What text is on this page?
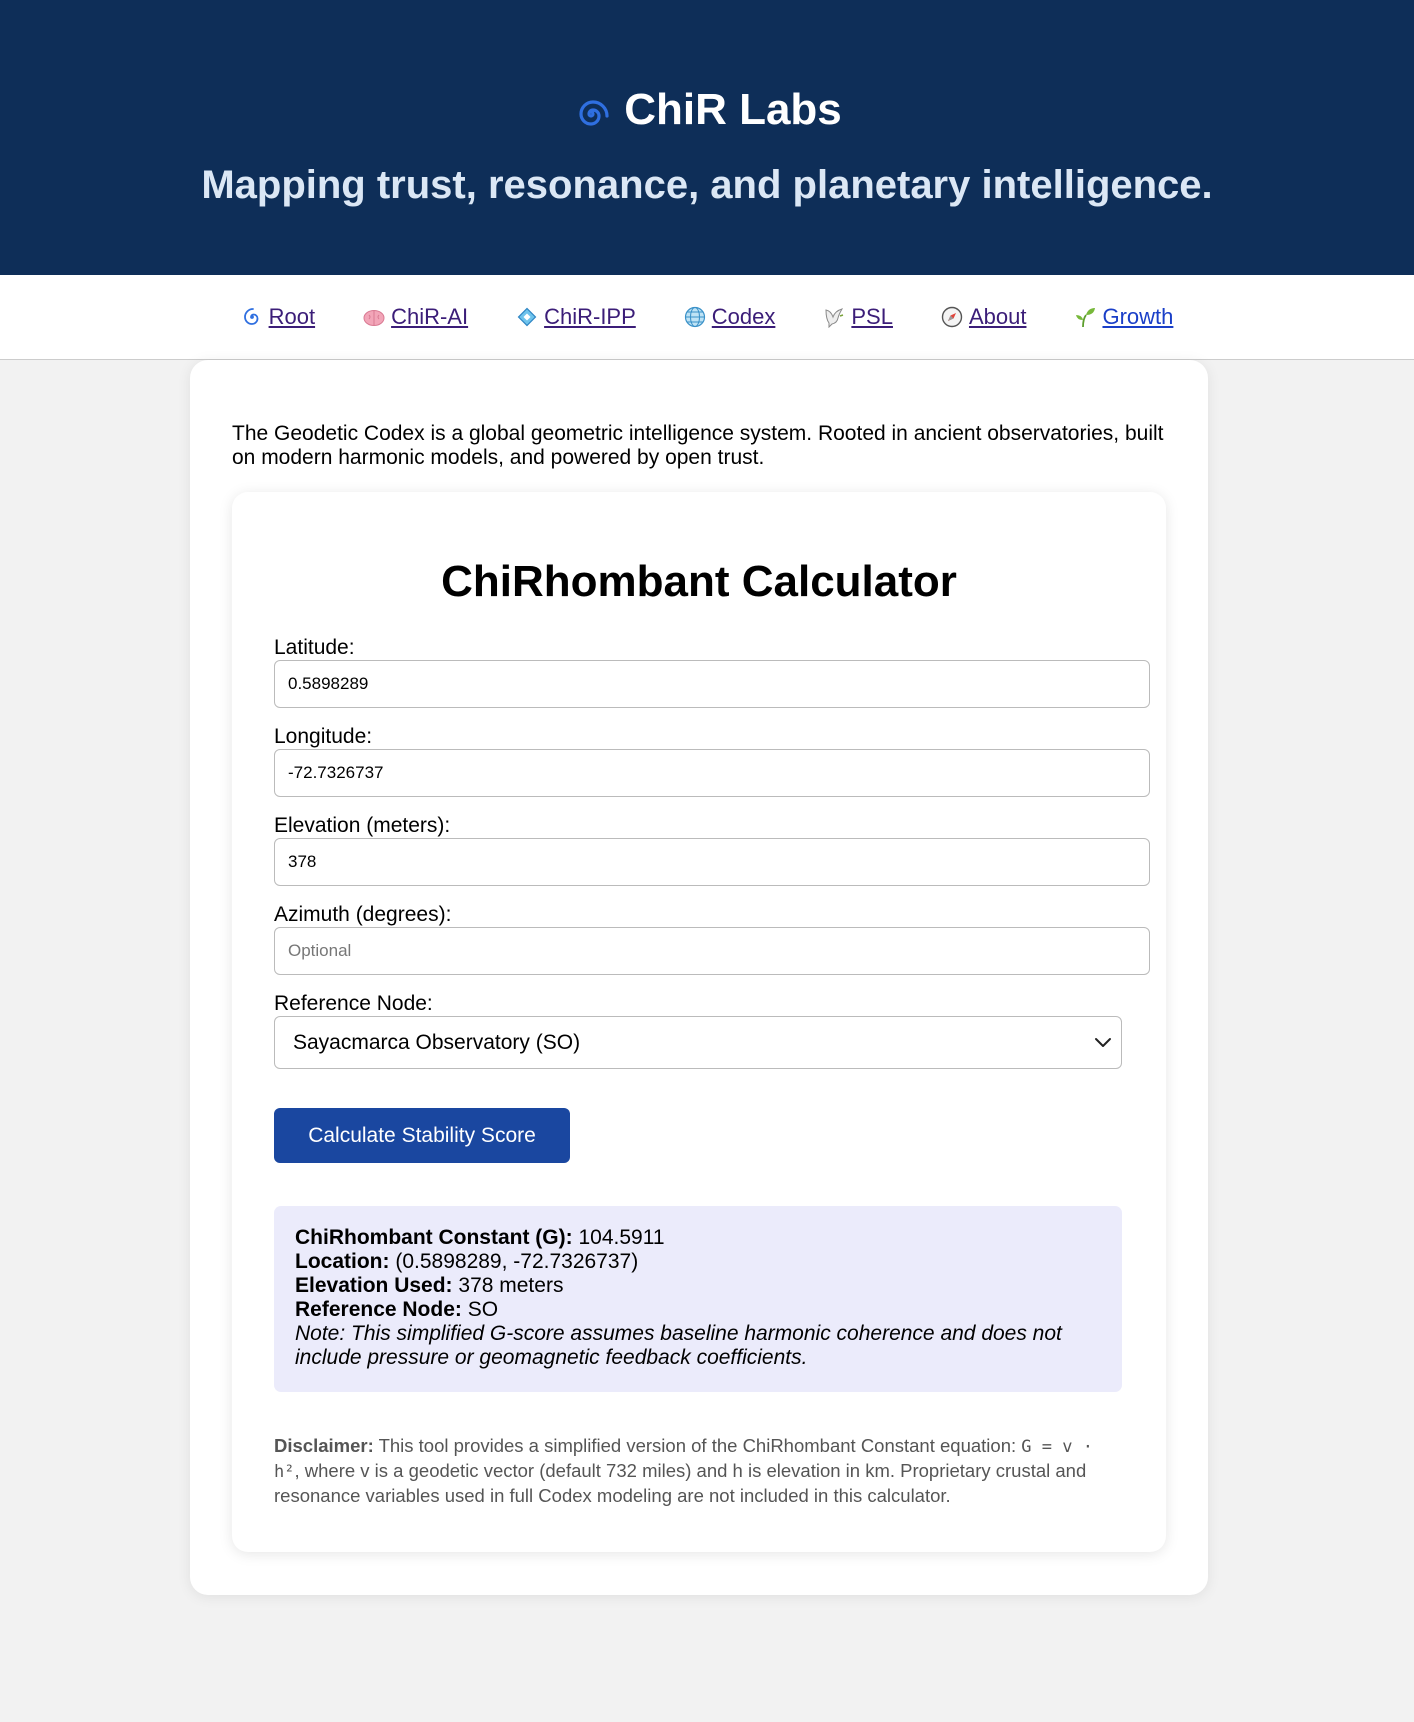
ChiR Labs
Mapping trust, resonance, and planetary intelligence.
Root	ChiR-AI	ChiR-IPP	Codex	PSL	About	Growth

The Geodetic Codex is a global geometric intelligence system. Rooted in ancient observatories, built on modern harmonic models, and powered by open trust.

ChiRhombant Calculator
Latitude:
0.5898289
Longitude:
-72.7326737
Elevation (meters):
378
Azimuth (degrees):
Optional
Reference Node:
Sayacmarca Observatory (SO)
Calculate Stability Score
ChiRhombant Constant (G): 104.5911
Location: (0.5898289, -72.7326737)
Elevation Used: 378 meters
Reference Node: SO
Note: This simplified G-score assumes baseline harmonic coherence and does not include pressure or geomagnetic feedback coefficients.
Disclaimer: This tool provides a simplified version of the ChiRhombant Constant equation: G = v · h², where v is a geodetic vector (default 732 miles) and h is elevation in km. Proprietary crustal and resonance variables used in full Codex modeling are not included in this calculator.
